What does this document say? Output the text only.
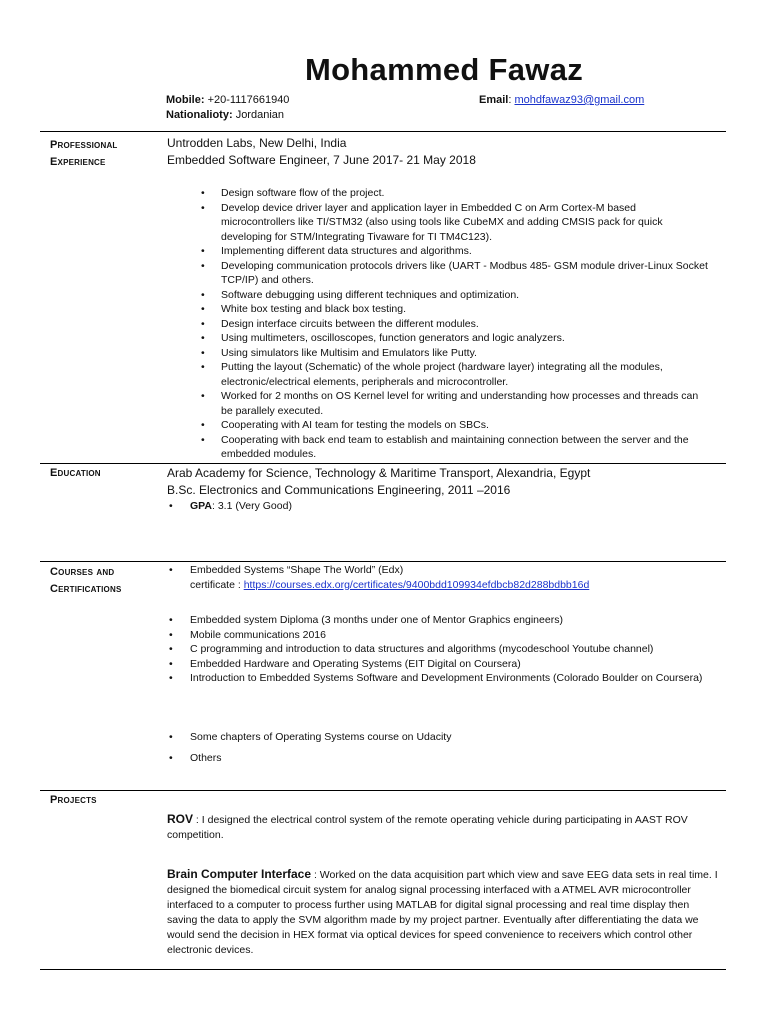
Mohammed Fawaz
Mobile: +20-1117661940
Nationalioty: Jordanian
Email: mohdfawaz93@gmail.com
Professional Experience
Untrodden Labs, New Delhi, India
Embedded Software Engineer, 7 June 2017- 21 May 2018
• Design software flow of the project.
• Develop device driver layer and application layer in Embedded C on Arm Cortex-M based microcontrollers like TI/STM32 (also using tools like CubeMX and adding CMSIS pack for quick developing for STM/Integrating Tivaware for TI TM4C123).
• Implementing different data structures and algorithms.
• Developing communication protocols drivers like (UART - Modbus 485- GSM module driver-Linux Socket TCP/IP) and others.
• Software debugging using different techniques and optimization.
• White box testing and black box testing.
• Design interface circuits between the different modules.
• Using multimeters, oscilloscopes, function generators and logic analyzers.
• Using simulators like Multisim and Emulators like Putty.
• Putting the layout (Schematic) of the whole project (hardware layer) integrating all the modules, electronic/electrical elements, peripherals and microcontroller.
• Worked for 2 months on OS Kernel level for writing and understanding how processes and threads can be parallely executed.
• Cooperating with AI team for testing the models on SBCs.
• Cooperating with back end team to establish and maintaining connection between the server and the embedded modules.
Education	Arab Academy for Science, Technology & Maritime Transport, Alexandria, Egypt
B.Sc. Electronics and Communications Engineering, 2011 –2016
• GPA: 3.1 (Very Good)
Courses and Certifications
• Embedded Systems “Shape The World” (Edx)
certificate : https://courses.edx.org/certificates/9400bdd109934efdbcb82d288bdbb16d
• Embedded system Diploma (3 months under one of Mentor Graphics engineers)
• Mobile communications 2016
• C programming and introduction to data structures and algorithms (mycodeschool Youtube channel)
• Embedded Hardware and Operating Systems (EIT Digital on Coursera)
• Introduction to Embedded Systems Software and Development Environments (Colorado Boulder on Coursera)
• Some chapters of Operating Systems course on Udacity
• Others
Projects
ROV : I designed the electrical control system of the remote operating vehicle during participating in AAST ROV competition.
Brain Computer Interface : Worked on the data acquisition part which view and save EEG data sets in real time. I designed the biomedical circuit system for analog signal processing interfaced with a ATMEL AVR microcontroller interfaced to a computer to process further using MATLAB for digital signal processing and real time display then saving the data to apply the SVM algorithm made by my project partner. Eventually after differentiating the data we would send the decision in HEX format via optical devices for speed convenience to receivers which control other electronic devices.
